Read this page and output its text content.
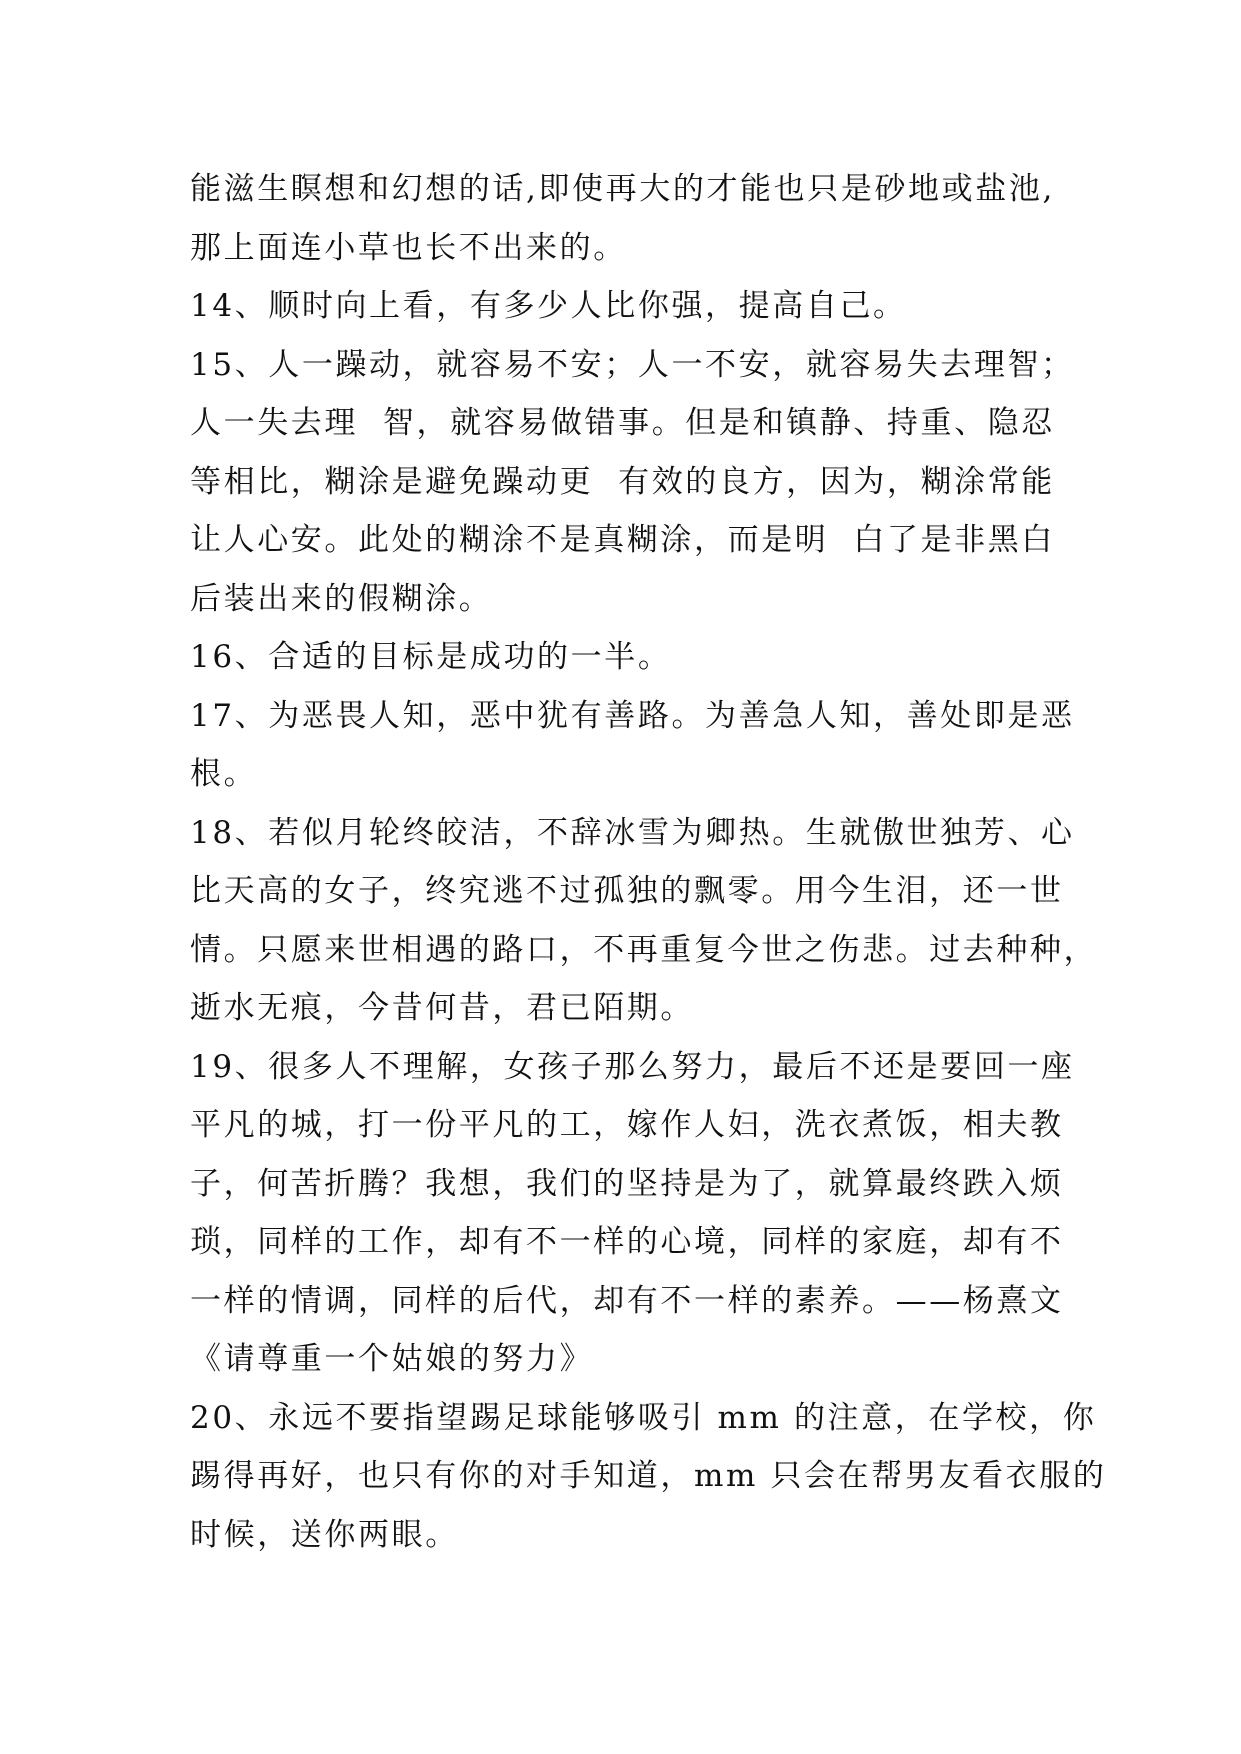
能滋生瞑想和幻想的话,即使再大的才能也只是砂地或盐池,
那上面连小草也长不出来的。
14、顺时向上看，有多少人比你强，提高自己。
15、人一躁动，就容易不安；人一不安，就容易失去理智；
人一失去理  智，就容易做错事。但是和镇静、持重、隐忍
等相比，糊涂是避免躁动更  有效的良方，因为，糊涂常能
让人心安。此处的糊涂不是真糊涂，而是明  白了是非黑白
后装出来的假糊涂。
16、合适的目标是成功的一半。
17、为恶畏人知，恶中犹有善路。为善急人知，善处即是恶
根。
18、若似月轮终皎洁，不辞冰雪为卿热。生就傲世独芳、心
比天高的女子，终究逃不过孤独的飘零。用今生泪，还一世
情。只愿来世相遇的路口，不再重复今世之伤悲。过去种种，
逝水无痕，今昔何昔，君已陌期。
19、很多人不理解，女孩子那么努力，最后不还是要回一座
平凡的城，打一份平凡的工，嫁作人妇，洗衣煮饭，相夫教
子，何苦折腾？我想，我们的坚持是为了，就算最终跌入烦
琐，同样的工作，却有不一样的心境，同样的家庭，却有不
一样的情调，同样的后代，却有不一样的素养。——杨熹文
《请尊重一个姑娘的努力》
20、永远不要指望踢足球能够吸引 mm 的注意，在学校，你
踢得再好，也只有你的对手知道，mm 只会在帮男友看衣服的
时候，送你两眼。
